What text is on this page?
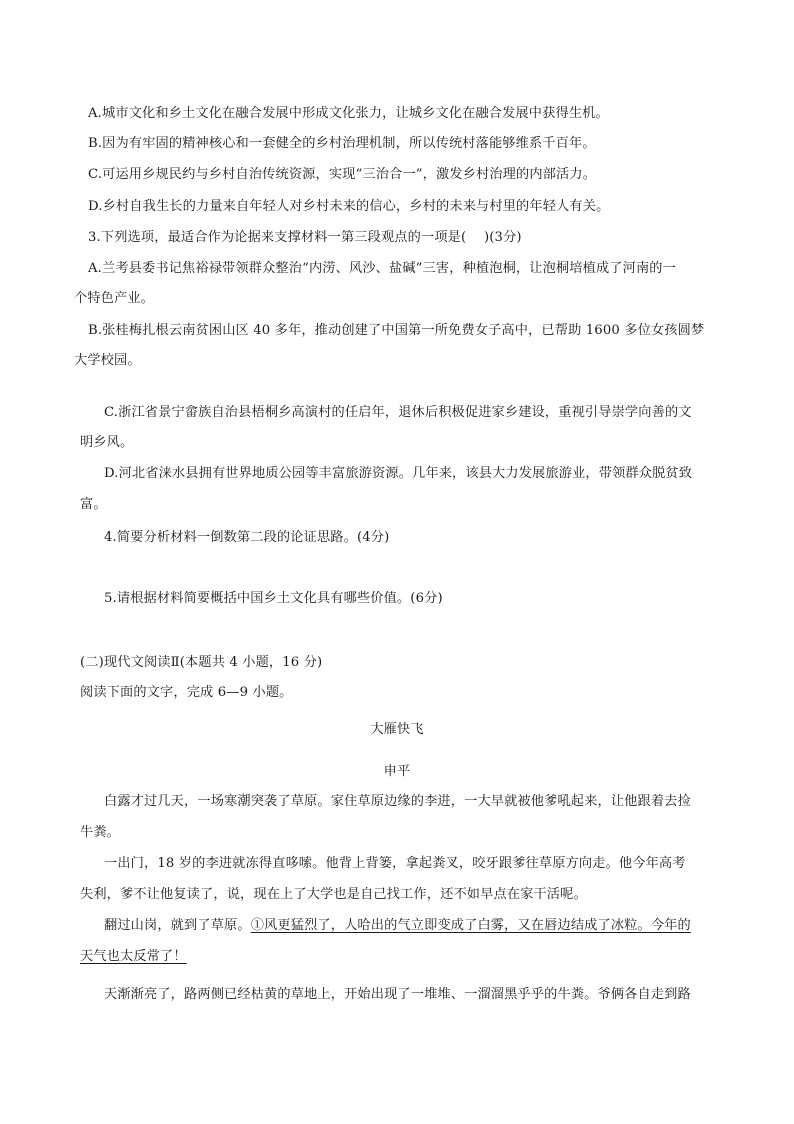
A.城市文化和乡土文化在融合发展中形成文化张力，让城乡文化在融合发展中获得生机。
B.因为有牢固的精神核心和一套健全的乡村治理机制，所以传统村落能够维系千百年。
C.可运用乡规民约与乡村自治传统资源，实现“三治合一”，激发乡村治理的内部活力。
D.乡村自我生长的力量来自年轻人对乡村未来的信心，乡村的未来与村里的年轻人有关。
3.下列选项，最适合作为论据来支撑材料一第三段观点的一项是(　 )(3分)
A.兰考县委书记焦裕禄带领群众整治“内涝、风沙、盐碱”三害，种植泡桐，让泡桐培植成了河南的一
个特色产业。
B.张桂梅扎根云南贫困山区 40 多年，推动创建了中国第一所免费女子高中，已帮助 1600 多位女孩圆梦
大学校园。
C.浙江省景宁畲族自治县梧桐乡高演村的任启年，退休后积极促进家乡建设，重视引导崇学向善的文
明乡风。
D.河北省涞水县拥有世界地质公园等丰富旅游资源。几年来，该县大力发展旅游业，带领群众脱贫致
富。
4.简要分析材料一倒数第二段的论证思路。(4分)
5.请根据材料简要概括中国乡土文化具有哪些价值。(6分)
(二)现代文阅读Ⅱ(本题共 4 小题，16 分)
阅读下面的文字，完成 6—9 小题。
大雁快飞
申平
白露才过几天，一场寒潮突袭了草原。家住草原边缘的李进，一大早就被他爹吼起来，让他跟着去捡
牛粪。
一出门，18 岁的李进就冻得直哆嗦。他背上背篓，拿起粪叉，咬牙跟爹往草原方向走。他今年高考
失利，爹不让他复读了，说，现在上了大学也是自己找工作，还不如早点在家干活呢。
翻过山岗，就到了草原。①风更猛烈了，人哈出的气立即变成了白雾，又在唇边结成了冰粒。今年的
天气也太反常了！
天渐渐亮了，路两侧已经枯黄的草地上，开始出现了一堆堆、一溜溜黑乎乎的牛粪。爷俩各自走到路
